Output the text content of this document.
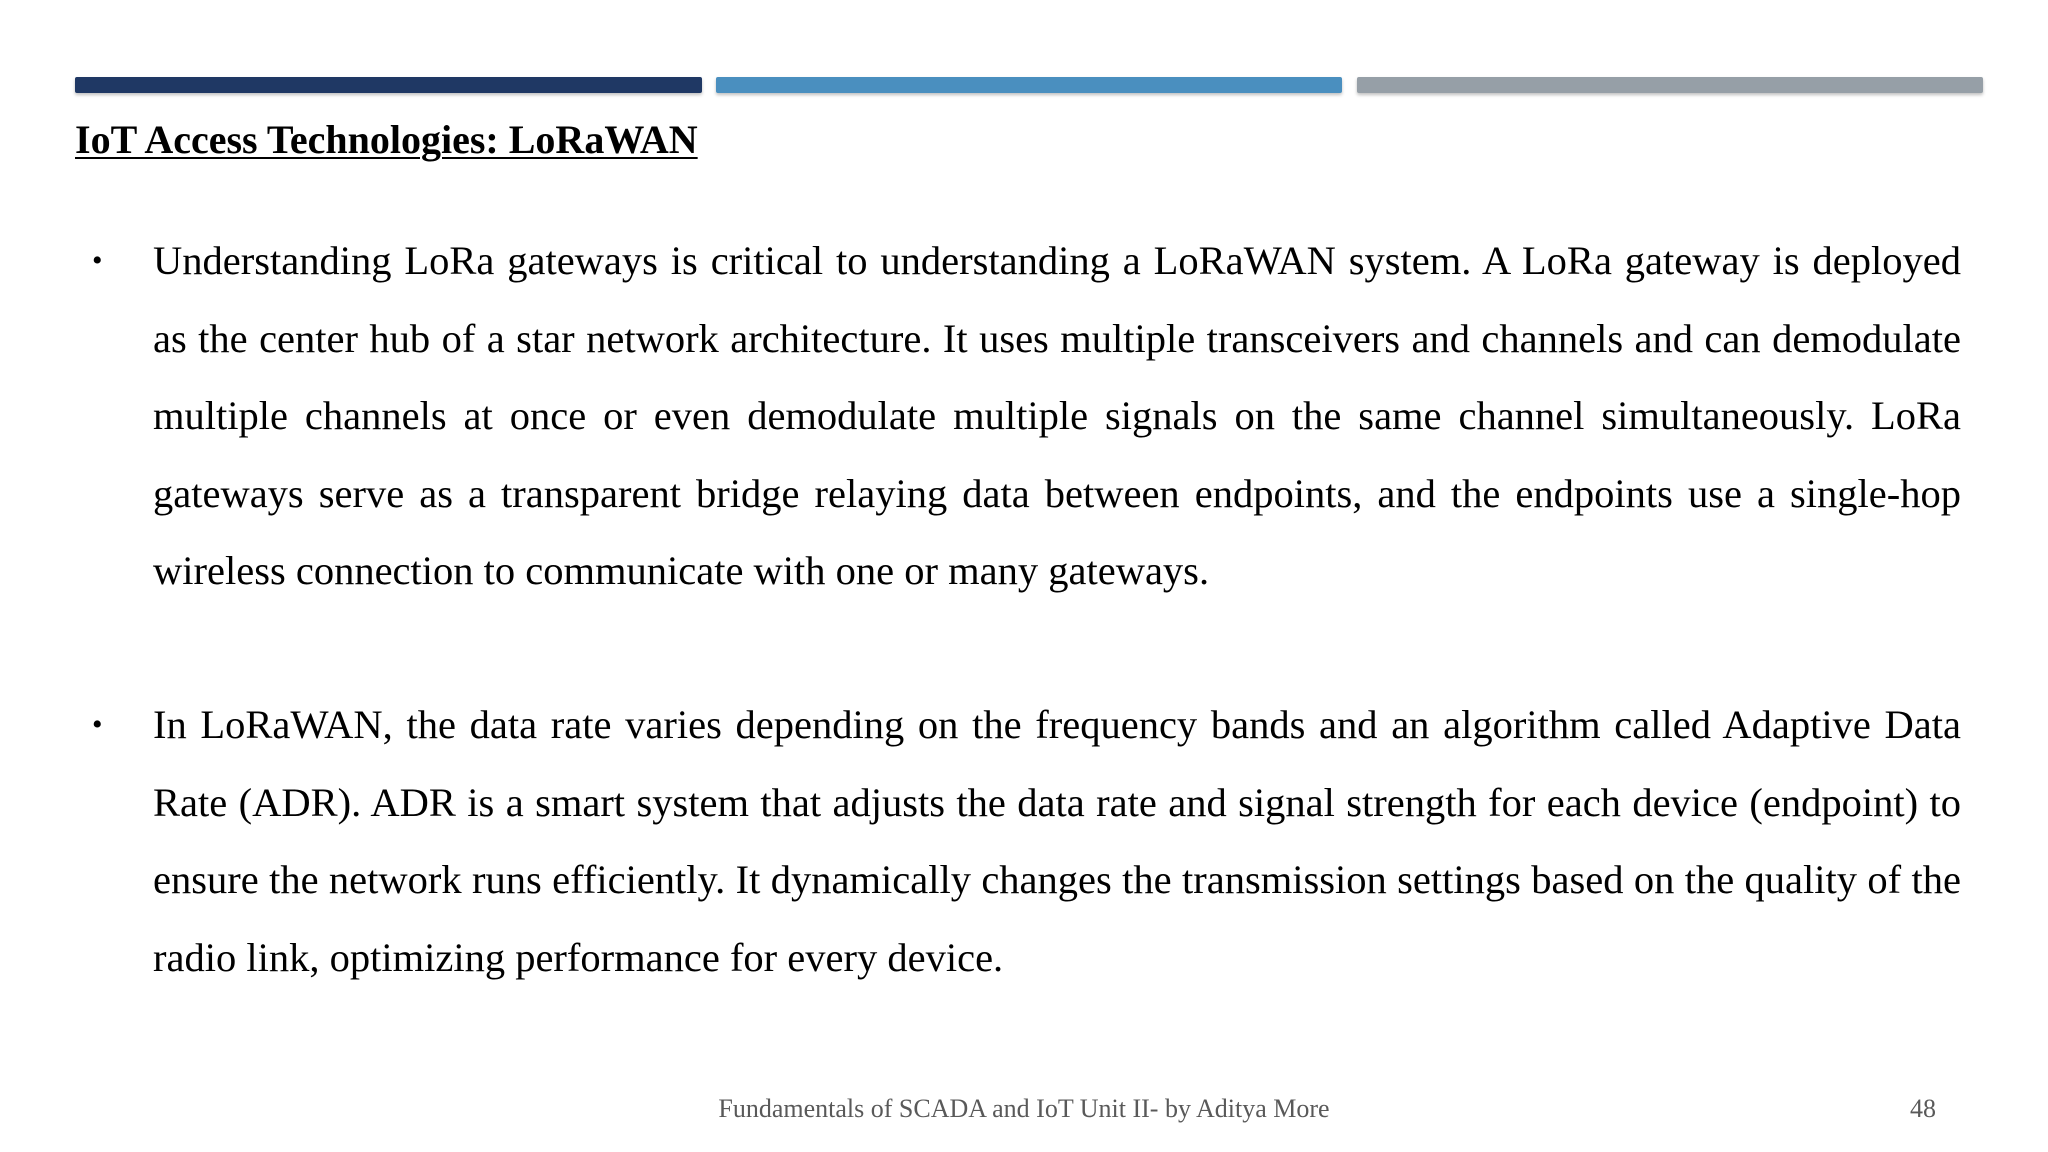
IoT Access Technologies: LoRaWAN
• Understanding LoRa gateways is critical to understanding a LoRaWAN system. A LoRa gateway is deployed as the center hub of a star network architecture. It uses multiple transceivers and channels and can demodulate multiple channels at once or even demodulate multiple signals on the same channel simultaneously. LoRa gateways serve as a transparent bridge relaying data between endpoints, and the endpoints use a single-hop wireless connection to communicate with one or many gateways.

• In LoRaWAN, the data rate varies depending on the frequency bands and an algorithm called Adaptive Data Rate (ADR). ADR is a smart system that adjusts the data rate and signal strength for each device (endpoint) to ensure the network runs efficiently. It dynamically changes the transmission settings based on the quality of the radio link, optimizing performance for every device.

Fundamentals of SCADA and IoT Unit II- by Aditya More	48
